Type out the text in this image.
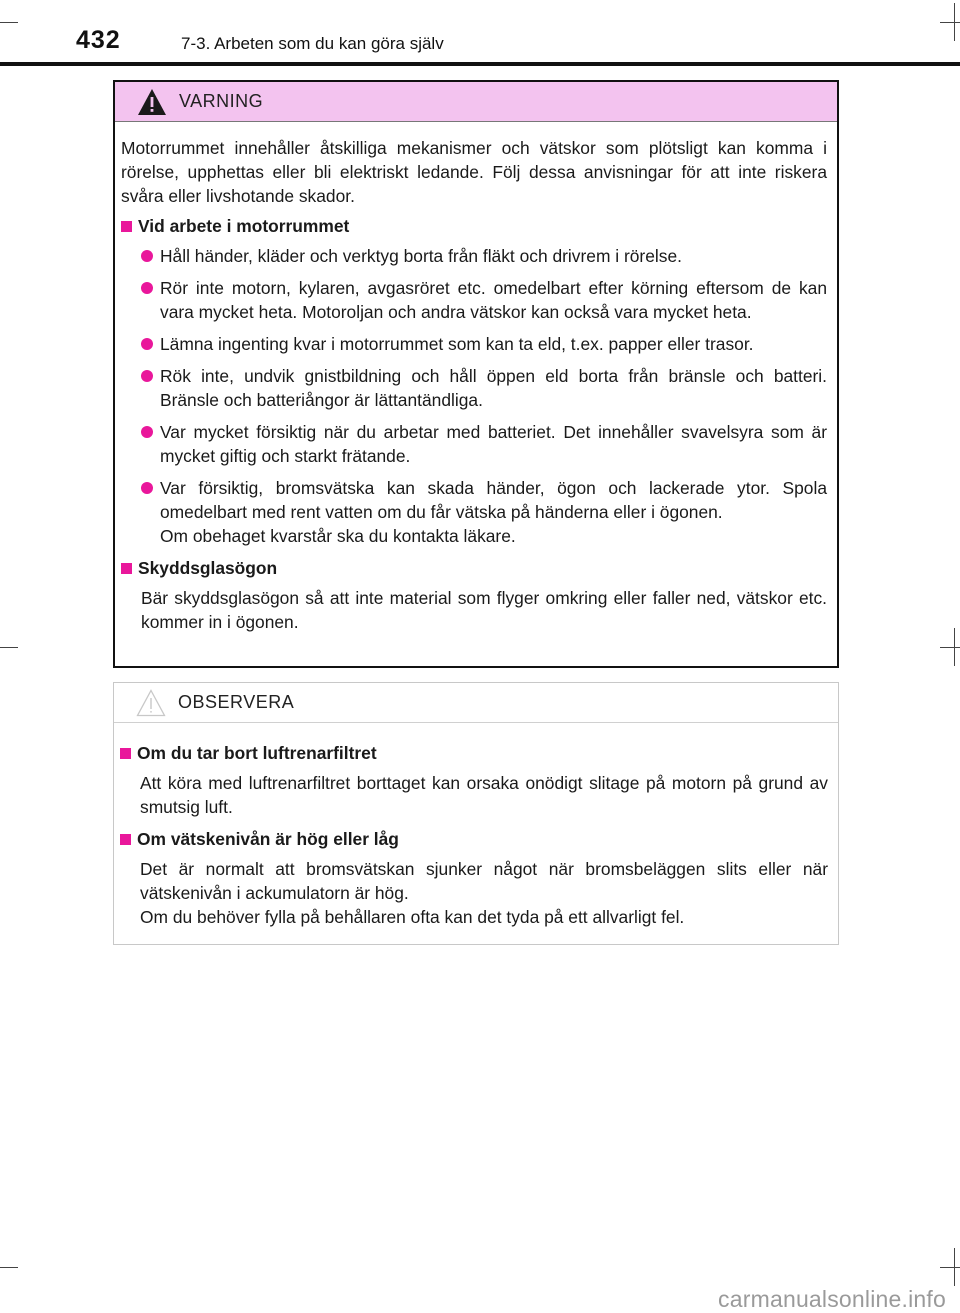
432	7-3. Arbeten som du kan göra själv
VARNING

Motorrummet innehåller åtskilliga mekanismer och vätskor som plötsligt kan komma i rörelse, upphettas eller bli elektriskt ledande. Följ dessa anvisningar för att inte riskera svåra eller livshotande skador.

Vid arbete i motorrummet
Håll händer, kläder och verktyg borta från fläkt och drivrem i rörelse.
Rör inte motorn, kylaren, avgasröret etc. omedelbart efter körning eftersom de kan vara mycket heta. Motoroljan och andra vätskor kan också vara mycket heta.
Lämna ingenting kvar i motorrummet som kan ta eld, t.ex. papper eller trasor.
Rök inte, undvik gnistbildning och håll öppen eld borta från bränsle och batteri. Bränsle och batteriångor är lättantändliga.
Var mycket försiktig när du arbetar med batteriet. Det innehåller svavelsyra som är mycket giftig och starkt frätande.
Var försiktig, bromsvätska kan skada händer, ögon och lackerade ytor. Spola omedelbart med rent vatten om du får vätska på händerna eller i ögonen.
Om obehaget kvarstår ska du kontakta läkare.
Skyddsglasögon

Bär skyddsglasögon så att inte material som flyger omkring eller faller ned, vätskor etc. kommer in i ögonen.

OBSERVERA
Om du tar bort luftrenarfiltret

Att köra med luftrenarfiltret borttaget kan orsaka onödigt slitage på motorn på grund av smutsig luft.

Om vätskenivån är hög eller låg

Det är normalt att bromsvätskan sjunker något när bromsbeläggen slits eller när vätskenivån i ackumulatorn är hög.
Om du behöver fylla på behållaren ofta kan det tyda på ett allvarligt fel.

carmanualsonline.info
